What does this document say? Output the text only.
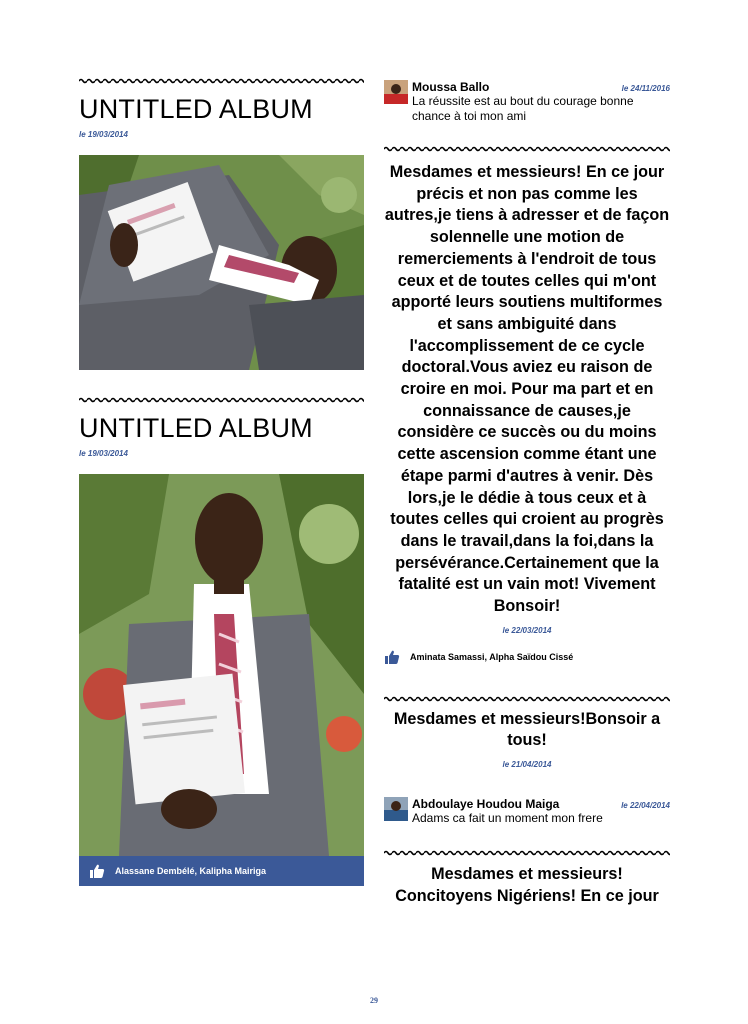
UNTITLED ALBUM
le 19/03/2014
UNTITLED ALBUM
le 19/03/2014
Alassane Dembélé, Kalipha Mairiga
Moussa Ballo	le 24/11/2016
La réussite est au bout du courage bonne chance à toi mon ami
Mesdames et messieurs! En ce jour précis et non pas comme les autres,je tiens à adresser et de façon solennelle une motion de remerciements à l'endroit de tous ceux et de toutes celles qui m'ont apporté leurs soutiens multiformes et sans ambiguité dans l'accomplissement de ce cycle doctoral.Vous aviez eu raison de croire en moi. Pour ma part et en connaissance de causes,je considère ce succès ou du moins cette ascension comme étant une étape parmi d'autres à venir. Dès lors,je le dédie à tous ceux et à toutes celles qui croient au progrès dans le travail,dans la foi,dans la persévérance.Certainement que la fatalité est un vain mot! Vivement Bonsoir!
le 22/03/2014
Aminata Samassi, Alpha Saïdou Cissé
Mesdames et messieurs!Bonsoir a tous!
le 21/04/2014
Abdoulaye Houdou Maiga	le 22/04/2014
Adams ca fait un moment mon frere
Mesdames et messieurs! Concitoyens Nigériens! En ce jour
29
